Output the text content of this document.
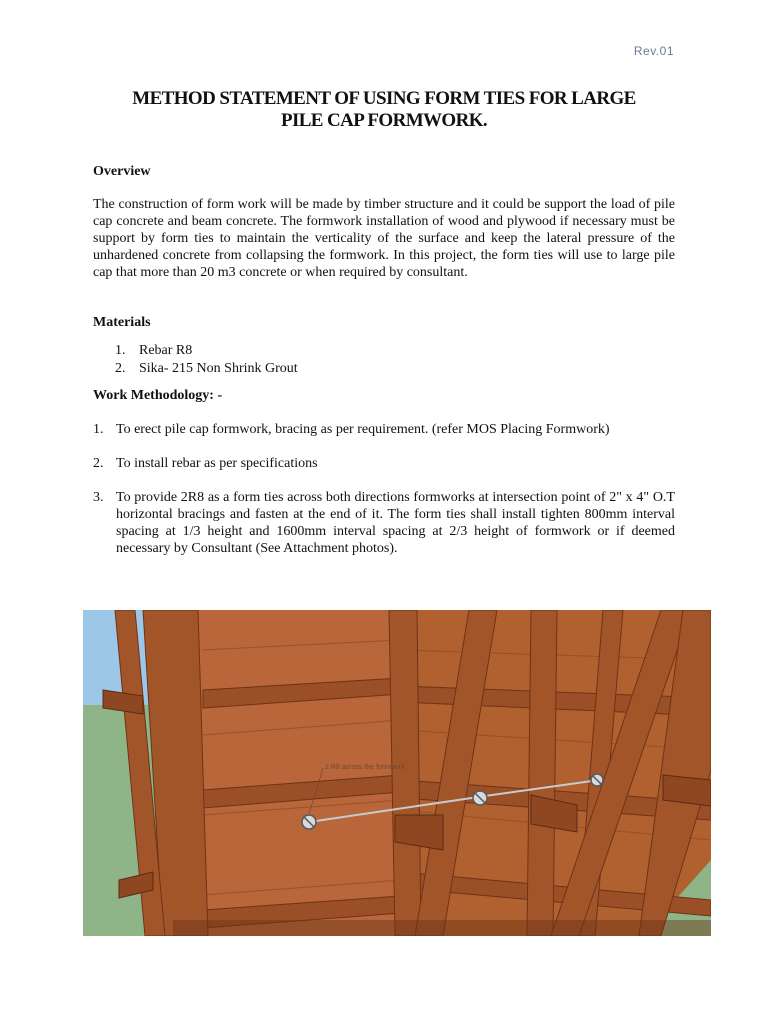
Rev.01
METHOD STATEMENT OF USING FORM TIES FOR LARGE
PILE CAP FORMWORK.
Overview
The construction of form work will be made by timber structure and it could be support the load of pile cap concrete and beam concrete. The formwork installation of wood and plywood if necessary must be support by form ties to maintain the verticality of the surface and keep the lateral pressure of the unhardened concrete from collapsing the formwork. In this project, the form ties will use to large pile cap that more than 20 m3 concrete or when required by consultant.
Materials
1. Rebar R8
2. Sika- 215 Non Shrink Grout
Work Methodology: -
1. To erect pile cap formwork, bracing as per requirement. (refer MOS Placing Formwork)
2. To install rebar as per specifications
3. To provide 2R8 as a form ties across both directions formworks at intersection point of 2" x 4" O.T horizontal bracings and fasten at the end of it. The form ties shall install tighten 800mm interval spacing at 1/3 height and 1600mm interval spacing at 2/3 height of formwork or if deemed necessary by Consultant (See Attachment photos).
2 R8 across the formwork
